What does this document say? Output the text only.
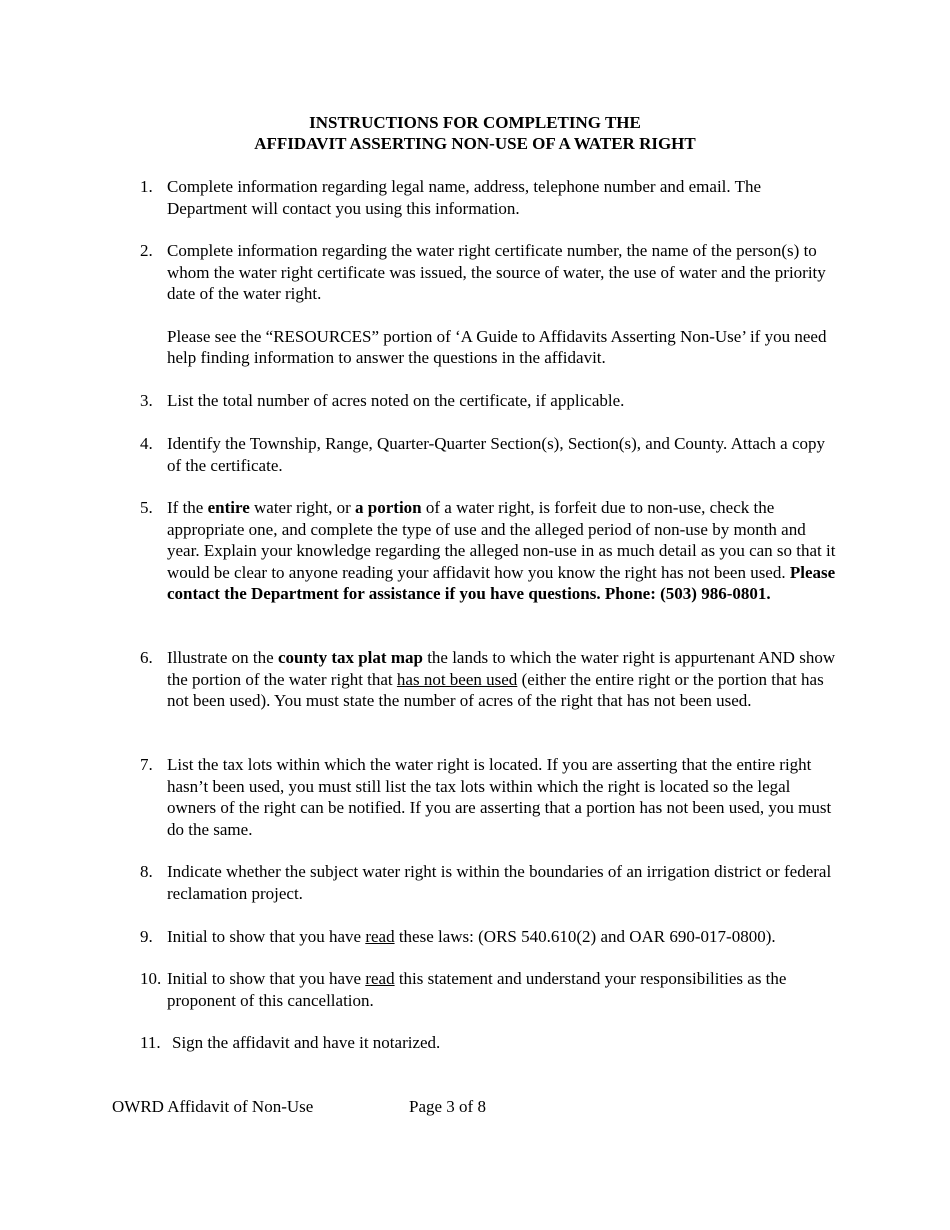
INSTRUCTIONS FOR COMPLETING THE
AFFIDAVIT ASSERTING NON-USE OF A WATER RIGHT
1. Complete information regarding legal name, address, telephone number and email. The Department will contact you using this information.

2. Complete information regarding the water right certificate number, the name of the person(s) to whom the water right certificate was issued, the source of water, the use of water and the priority date of the water right.

Please see the “RESOURCES” portion of ‘A Guide to Affidavits Asserting Non-Use’ if you need help finding information to answer the questions in the affidavit.

3. List the total number of acres noted on the certificate, if applicable.

4. Identify the Township, Range, Quarter-Quarter Section(s), Section(s), and County. Attach a copy of the certificate.

5. If the entire water right, or a portion of a water right, is forfeit due to non-use, check the appropriate one, and complete the type of use and the alleged period of non-use by month and year. Explain your knowledge regarding the alleged non-use in as much detail as you can so that it would be clear to anyone reading your affidavit how you know the right has not been used. Please contact the Department for assistance if you have questions. Phone: (503) 986-0801.

6. Illustrate on the county tax plat map the lands to which the water right is appurtenant AND show the portion of the water right that has not been used (either the entire right or the portion that has not been used). You must state the number of acres of the right that has not been used.

7. List the tax lots within which the water right is located. If you are asserting that the entire right hasn’t been used, you must still list the tax lots within which the right is located so the legal owners of the right can be notified. If you are asserting that a portion has not been used, you must do the same.

8. Indicate whether the subject water right is within the boundaries of an irrigation district or federal reclamation project.

9. Initial to show that you have read these laws: (ORS 540.610(2) and OAR 690-017-0800).

10. Initial to show that you have read this statement and understand your responsibilities as the proponent of this cancellation.

11. Sign the affidavit and have it notarized.

OWRD Affidavit of Non-Use	Page 3 of 8
